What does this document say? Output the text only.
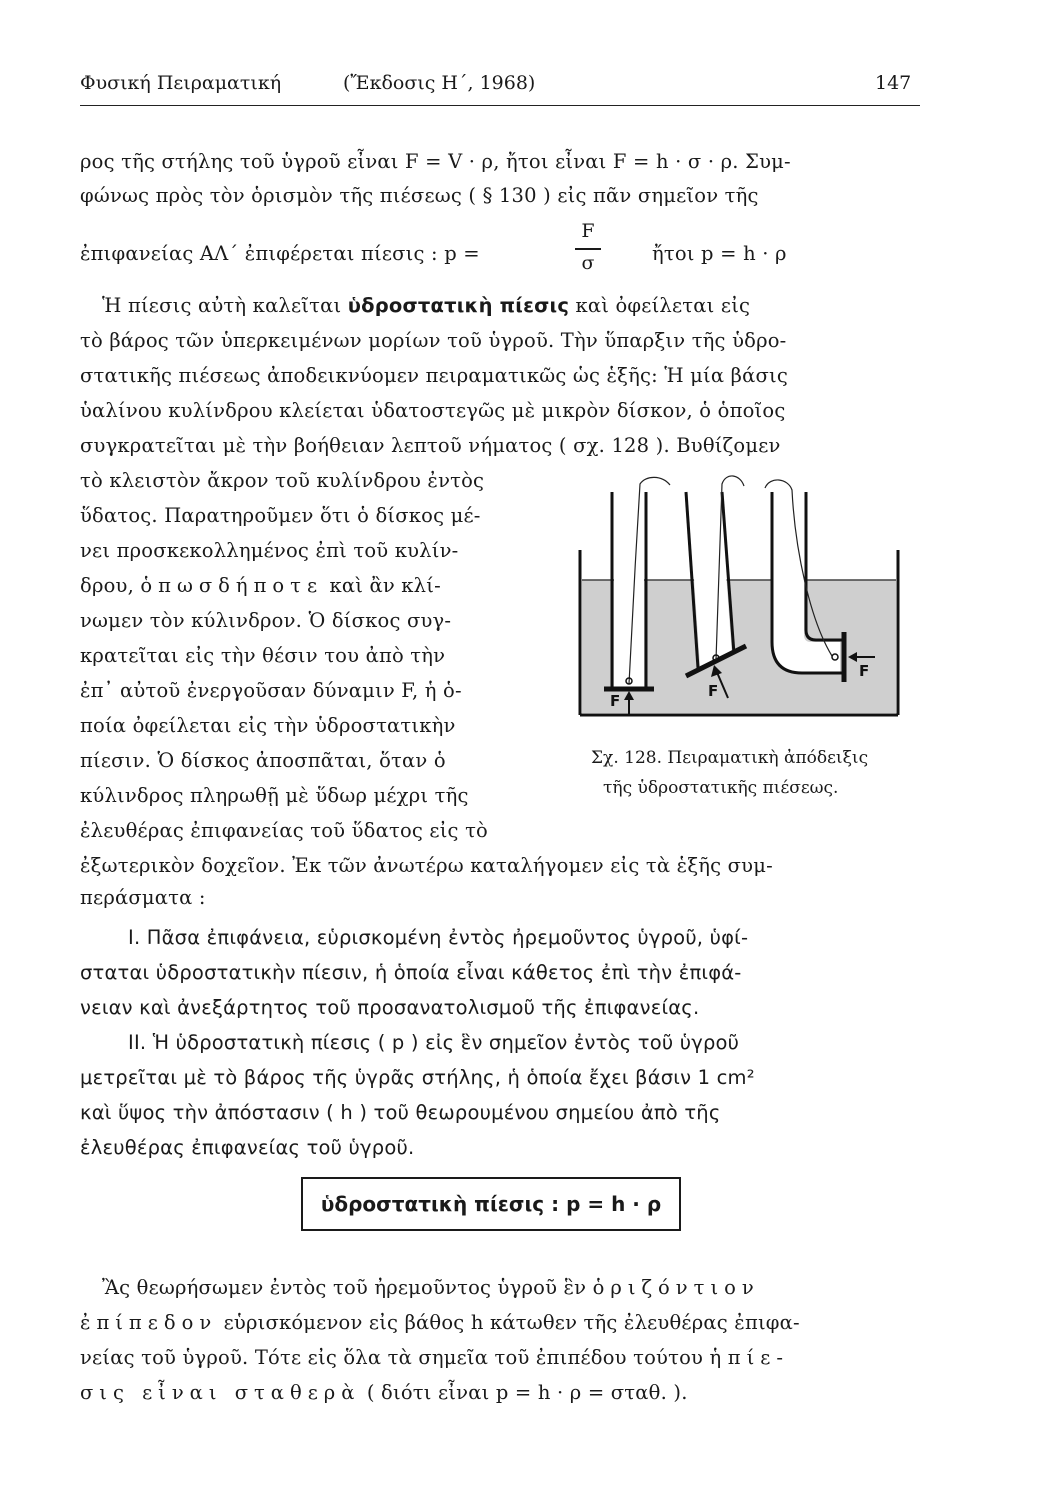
Φυσική Πειραματική	(Ἔκδοσις Η΄, 1968)	147
ρος τῆς στήλης τοῦ ὑγροῦ εἶναι F = V · ρ, ἤτοι εἶναι F = h · σ · ρ. Συμ-
φώνως πρὸς τὸν ὁρισμὸν τῆς πιέσεως ( § 130 ) εἰς πᾶν σημεῖον τῆς
ἐπιφανείας ΑΛ΄ ἐπιφέρεται πίεσις : p =
F
σ	ἤτοι p = h · ρ
Ἡ πίεσις αὐτὴ καλεῖται ὑδροστατικὴ πίεσις καὶ ὀφείλεται εἰς
τὸ βάρος τῶν ὑπερκειμένων μορίων τοῦ ὑγροῦ. Τὴν ὕπαρξιν τῆς ὑδρο-
στατικῆς πιέσεως ἀποδεικνύομεν πειραματικῶς ὡς ἑξῆς: Ἡ μία βάσις
ὑαλίνου κυλίνδρου κλείεται ὑδατοστεγῶς μὲ μικρὸν δίσκον, ὁ ὁποῖος
συγκρατεῖται μὲ τὴν βοήθειαν λεπτοῦ νήματος ( σχ. 128 ). Βυθίζομεν
τὸ κλειστὸν ἄκρον τοῦ κυλίνδρου ἐντὸς
ὕδατος. Παρατηροῦμεν ὅτι ὁ δίσκος μέ-
νει προσκεκολλημένος ἐπὶ τοῦ κυλίν-
δρου, ὁπωσδήποτε καὶ ἂν κλί-
νωμεν τὸν κύλινδρον. Ὁ δίσκος συγ-
κρατεῖται εἰς τὴν θέσιν του ἀπὸ τὴν
ἐπ᾽ αὐτοῦ ἐνεργοῦσαν δύναμιν F, ἡ ὁ-
ποία ὀφείλεται εἰς τὴν ὑδροστατικὴν
πίεσιν. Ὁ δίσκος ἀποσπᾶται, ὅταν ὁ
κύλινδρος πληρωθῇ μὲ ὕδωρ μέχρι τῆς
ἐλευθέρας ἐπιφανείας τοῦ ὕδατος εἰς τὸ
F
F
F
Σχ. 128. Πειραματικὴ ἀπόδειξις
τῆς ὑδροστατικῆς πιέσεως.
ἐξωτερικὸν δοχεῖον. Ἐκ τῶν ἀνωτέρω καταλήγομεν εἰς τὰ ἑξῆς συμ-
περάσματα :
I. Πᾶσα ἐπιφάνεια, εὑρισκομένη ἐντὸς ἠρεμοῦντος ὑγροῦ, ὑφί-
σταται ὑδροστατικὴν πίεσιν, ἡ ὁποία εἶναι κάθετος ἐπὶ τὴν ἐπιφά-
νειαν καὶ ἀνεξάρτητος τοῦ προσανατολισμοῦ τῆς ἐπιφανείας.
II. Ἡ ὑδροστατικὴ πίεσις ( p ) εἰς ἓν σημεῖον ἐντὸς τοῦ ὑγροῦ
μετρεῖται μὲ τὸ βάρος τῆς ὑγρᾶς στήλης, ἡ ὁποία ἔχει βάσιν 1 cm²
καὶ ὕψος τὴν ἀπόστασιν ( h ) τοῦ θεωρουμένου σημείου ἀπὸ τῆς
ἐλευθέρας ἐπιφανείας τοῦ ὑγροῦ.
ὑδροστατικὴ πίεσις : p = h · ρ
Ἂς θεωρήσωμεν ἐντὸς τοῦ ἠρεμοῦντος ὑγροῦ ἓν ὁριζόντιον
ἐπίπεδον εὑρισκόμενον εἰς βάθος h κάτωθεν τῆς ἐλευθέρας ἐπιφα-
νείας τοῦ ὑγροῦ. Τότε εἰς ὅλα τὰ σημεῖα τοῦ ἐπιπέδου τούτου ἡ πίε-
σις εἶναι σταθερὰ ( διότι εἶναι p = h · ρ = σταθ. ).
